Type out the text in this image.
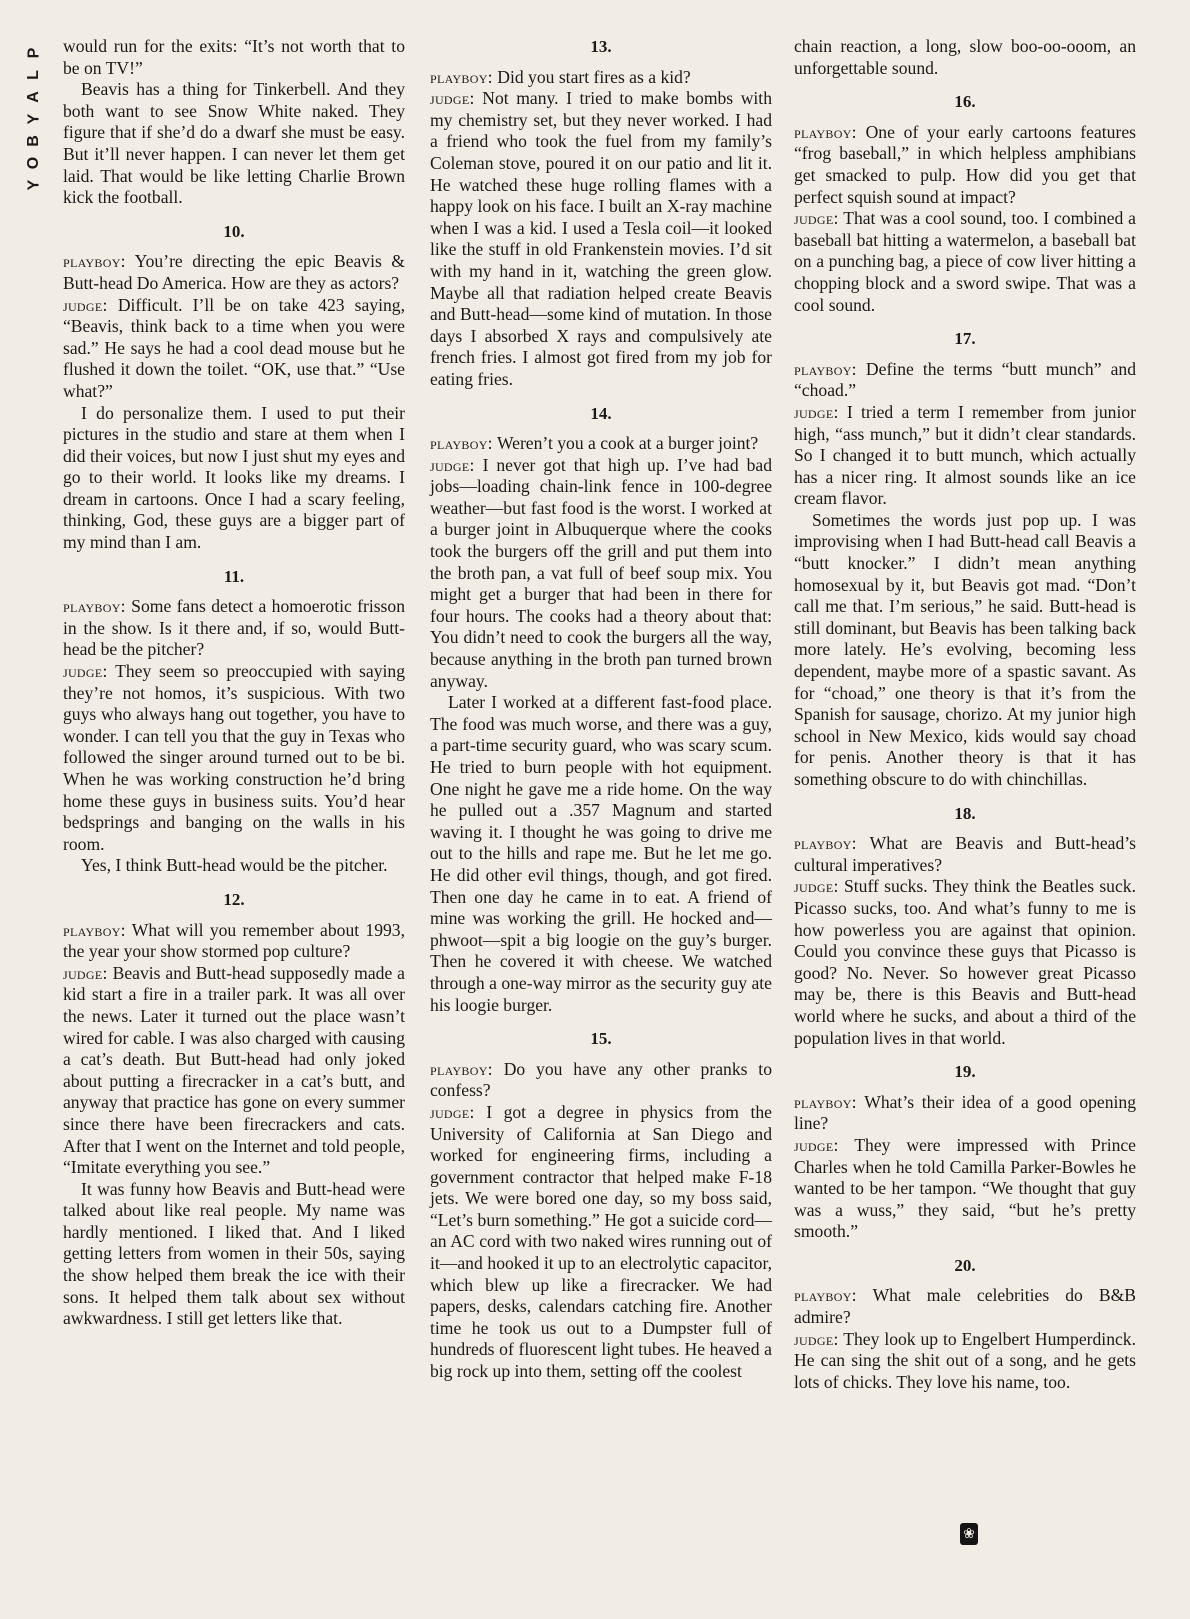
P
L
A
Y
B
O
Y

would run for the exits: “It’s not worth that to be on TV!”

Beavis has a thing for Tinkerbell. And they both want to see Snow White naked. They figure that if she’d do a dwarf she must be easy. But it’ll never happen. I can never let them get laid. That would be like letting Charlie Brown kick the football.

10.

playboy: You’re directing the epic Beavis & Butt-head Do America. How are they as actors?

judge: Difficult. I’ll be on take 423 saying, “Beavis, think back to a time when you were sad.” He says he had a cool dead mouse but he flushed it down the toilet. “OK, use that.” “Use what?”

I do personalize them. I used to put their pictures in the studio and stare at them when I did their voices, but now I just shut my eyes and go to their world. It looks like my dreams. I dream in cartoons. Once I had a scary feeling, thinking, God, these guys are a bigger part of my mind than I am.

11.

playboy: Some fans detect a homoerotic frisson in the show. Is it there and, if so, would Butt-head be the pitcher?

judge: They seem so preoccupied with saying they’re not homos, it’s suspicious. With two guys who always hang out together, you have to wonder. I can tell you that the guy in Texas who followed the singer around turned out to be bi. When he was working construction he’d bring home these guys in business suits. You’d hear bedsprings and banging on the walls in his room.

Yes, I think Butt-head would be the pitcher.

12.

playboy: What will you remember about 1993, the year your show stormed pop culture?

judge: Beavis and Butt-head supposedly made a kid start a fire in a trailer park. It was all over the news. Later it turned out the place wasn’t wired for cable. I was also charged with causing a cat’s death. But Butt-head had only joked about putting a firecracker in a cat’s butt, and anyway that practice has gone on every summer since there have been firecrackers and cats. After that I went on the Internet and told people, “Imitate everything you see.”

It was funny how Beavis and Butt-head were talked about like real people. My name was hardly mentioned. I liked that. And I liked getting letters from women in their 50s, saying the show helped them break the ice with their sons. It helped them talk about sex without awkwardness. I still get letters like that.

13.

playboy: Did you start fires as a kid?

judge: Not many. I tried to make bombs with my chemistry set, but they never worked. I had a friend who took the fuel from my family’s Coleman stove, poured it on our patio and lit it. He watched these huge rolling flames with a happy look on his face. I built an X-ray machine when I was a kid. I used a Tesla coil—it looked like the stuff in old Frankenstein movies. I’d sit with my hand in it, watching the green glow. Maybe all that radiation helped create Beavis and Butt-head—some kind of mutation. In those days I absorbed X rays and compulsively ate french fries. I almost got fired from my job for eating fries.

14.

playboy: Weren’t you a cook at a burger joint?

judge: I never got that high up. I’ve had bad jobs—loading chain-link fence in 100-degree weather—but fast food is the worst. I worked at a burger joint in Albuquerque where the cooks took the burgers off the grill and put them into the broth pan, a vat full of beef soup mix. You might get a burger that had been in there for four hours. The cooks had a theory about that: You didn’t need to cook the burgers all the way, because anything in the broth pan turned brown anyway.

Later I worked at a different fast-food place. The food was much worse, and there was a guy, a part-time security guard, who was scary scum. He tried to burn people with hot equipment. One night he gave me a ride home. On the way he pulled out a .357 Magnum and started waving it. I thought he was going to drive me out to the hills and rape me. But he let me go. He did other evil things, though, and got fired. Then one day he came in to eat. A friend of mine was working the grill. He hocked and—phwoot—spit a big loogie on the guy’s burger. Then he covered it with cheese. We watched through a one-way mirror as the security guy ate his loogie burger.

15.

playboy: Do you have any other pranks to confess?

judge: I got a degree in physics from the University of California at San Diego and worked for engineering firms, including a government contractor that helped make F-18 jets. We were bored one day, so my boss said, “Let’s burn something.” He got a suicide cord—an AC cord with two naked wires running out of it—and hooked it up to an electrolytic capacitor, which blew up like a firecracker. We had papers, desks, calendars catching fire. Another time he took us out to a Dumpster full of hundreds of fluorescent light tubes. He heaved a big rock up into them, setting off the coolest

chain reaction, a long, slow boo-oo-ooom, an unforgettable sound.

16.

playboy: One of your early cartoons features “frog baseball,” in which helpless amphibians get smacked to pulp. How did you get that perfect squish sound at impact?

judge: That was a cool sound, too. I combined a baseball bat hitting a watermelon, a baseball bat on a punching bag, a piece of cow liver hitting a chopping block and a sword swipe. That was a cool sound.

17.

playboy: Define the terms “butt munch” and “choad.”

judge: I tried a term I remember from junior high, “ass munch,” but it didn’t clear standards. So I changed it to butt munch, which actually has a nicer ring. It almost sounds like an ice cream flavor.

Sometimes the words just pop up. I was improvising when I had Butt-head call Beavis a “butt knocker.” I didn’t mean anything homosexual by it, but Beavis got mad. “Don’t call me that. I’m serious,” he said. Butt-head is still dominant, but Beavis has been talking back more lately. He’s evolving, becoming less dependent, maybe more of a spastic savant. As for “choad,” one theory is that it’s from the Spanish for sausage, chorizo. At my junior high school in New Mexico, kids would say choad for penis. Another theory is that it has something obscure to do with chinchillas.

18.

playboy: What are Beavis and Butt-head’s cultural imperatives?

judge: Stuff sucks. They think the Beatles suck. Picasso sucks, too. And what’s funny to me is how powerless you are against that opinion. Could you convince these guys that Picasso is good? No. Never. So however great Picasso may be, there is this Beavis and Butt-head world where he sucks, and about a third of the population lives in that world.

19.

playboy: What’s their idea of a good opening line?

judge: They were impressed with Prince Charles when he told Camilla Parker-Bowles he wanted to be her tampon. “We thought that guy was a wuss,” they said, “but he’s pretty smooth.”

20.

playboy: What male celebrities do B&B admire?

judge: They look up to Engelbert Humperdinck. He can sing the shit out of a song, and he gets lots of chicks. They love his name, too.

❀
